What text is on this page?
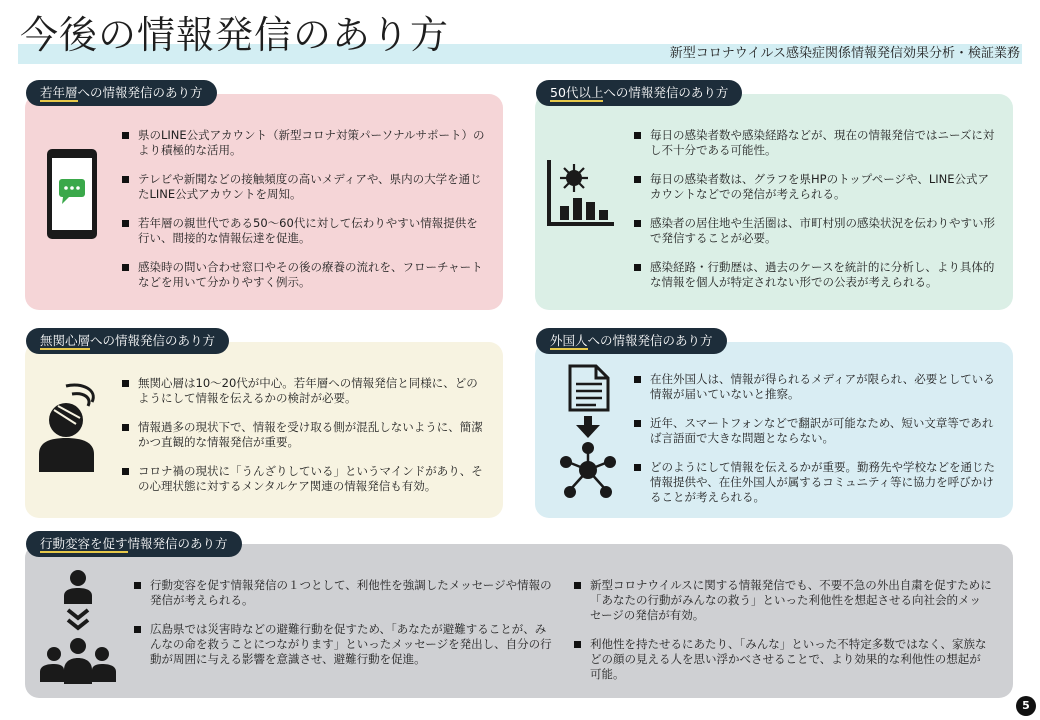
今後の情報発信のあり方	新型コロナウイルス感染症関係情報発信効果分析・検証業務
若年層への情報発信のあり方
県のLINE公式アカウント（新型コロナ対策パーソナルサポート）のより積極的な活用。
テレビや新聞などの接触頻度の高いメディアや、県内の大学を通じたLINE公式アカウントを周知。
若年層の親世代である50～60代に対して伝わりやすい情報提供を行い、間接的な情報伝達を促進。
感染時の問い合わせ窓口やその後の療養の流れを、フローチャートなどを用いて分かりやすく例示。
50代以上への情報発信のあり方
毎日の感染者数や感染経路などが、現在の情報発信ではニーズに対し不十分である可能性。
毎日の感染者数は、グラフを県HPのトップページや、LINE公式アカウントなどでの発信が考えられる。
感染者の居住地や生活圏は、市町村別の感染状況を伝わりやすい形で発信することが必要。
感染経路・行動歴は、過去のケースを統計的に分析し、より具体的な情報を個人が特定されない形での公表が考えられる。
無関心層への情報発信のあり方
無関心層は10～20代が中心。若年層への情報発信と同様に、どのようにして情報を伝えるかの検討が必要。
情報過多の現状下で、情報を受け取る側が混乱しないように、簡潔かつ直観的な情報発信が重要。
コロナ禍の現状に「うんざりしている」というマインドがあり、その心理状態に対するメンタルケア関連の情報発信も有効。
外国人への情報発信のあり方
在住外国人は、情報が得られるメディアが限られ、必要としている情報が届いていないと推察。
近年、スマートフォンなどで翻訳が可能なため、短い文章等であれば言語面で大きな問題とならない。
どのようにして情報を伝えるかが重要。勤務先や学校などを通じた情報提供や、在住外国人が属するコミュニティ等に協力を呼びかけることが考えられる。
行動変容を促す情報発信のあり方
行動変容を促す情報発信の１つとして、利他性を強調したメッセージや情報の発信が考えられる。
広島県では災害時などの避難行動を促すため、「あなたが避難することが、みんなの命を救うことにつながります」といったメッセージを発出し、自分の行動が周囲に与える影響を意識させ、避難行動を促進。
新型コロナウイルスに関する情報発信でも、不要不急の外出自粛を促すために「あなたの行動がみんなの救う」といった利他性を想起させる向社会的メッセージの発信が有効。
利他性を持たせるにあたり、「みんな」といった不特定多数ではなく、家族などの顔の見える人を思い浮かべさせることで、より効果的な利他性の想起が可能。
5
